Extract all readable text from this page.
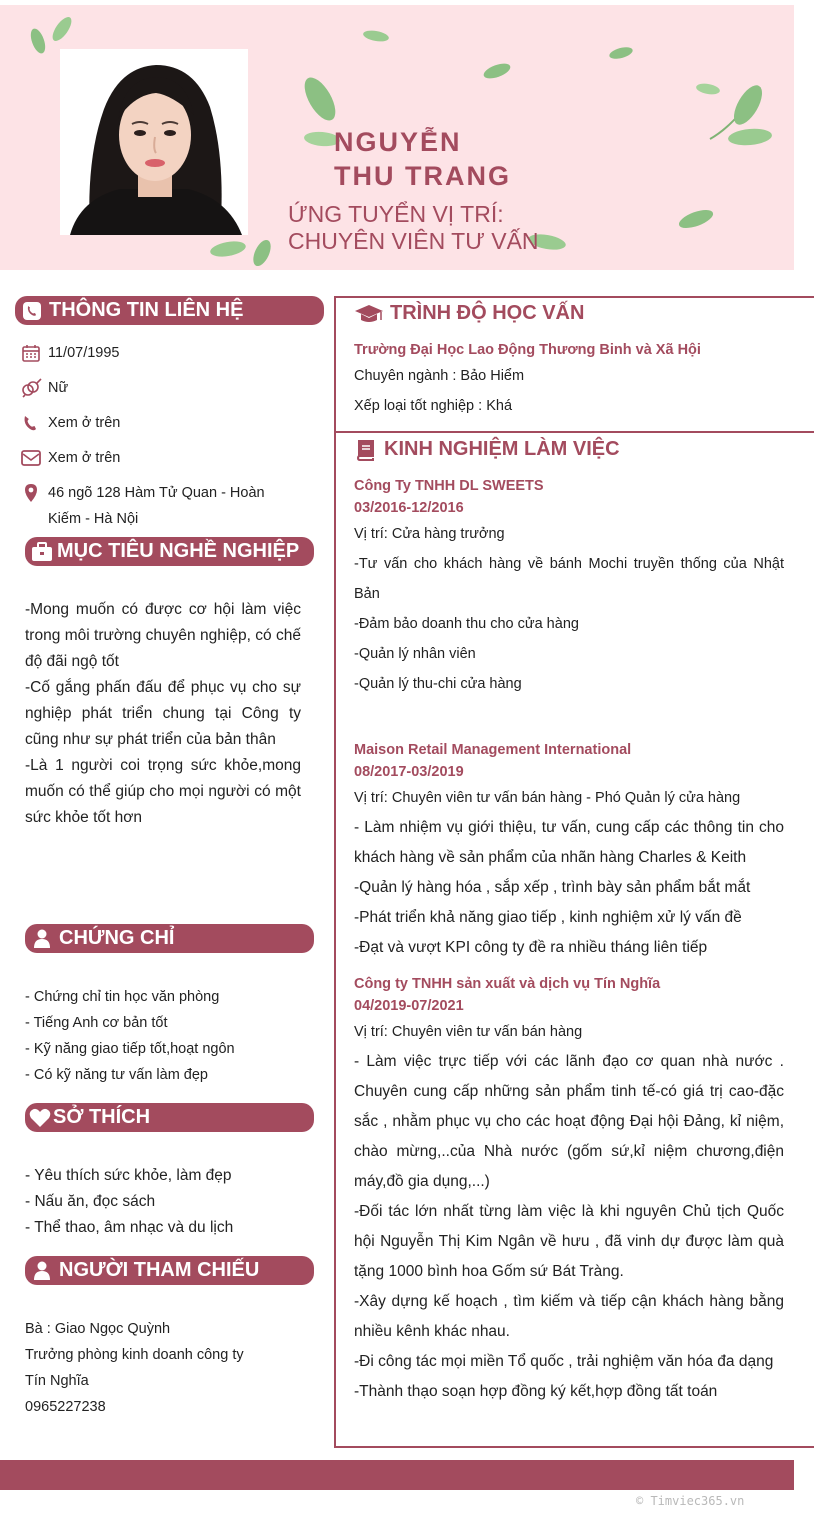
NGUYỄN
THU TRANG
ỨNG TUYỂN VỊ TRÍ:
CHUYÊN VIÊN TƯ VẤN
THÔNG TIN LIÊN HỆ
11/07/1995
Nữ
Xem ở trên
Xem ở trên
46 ngõ 128 Hàm Tử Quan - Hoàn Kiếm - Hà Nội
MỤC TIÊU NGHỀ NGHIỆP
-Mong muốn có được cơ hội làm việc trong môi trường chuyên nghiệp, có chế độ đãi ngộ tốt
-Cố gắng phấn đấu để phục vụ cho sự nghiệp phát triển chung tại Công ty cũng như sự phát triển của bản thân
-Là 1 người coi trọng sức khỏe,mong muốn có thể giúp cho mọi người có một sức khỏe tốt hơn
CHỨNG CHỈ
- Chứng chỉ tin học văn phòng
- Tiếng Anh cơ bản tốt
- Kỹ năng giao tiếp tốt,hoạt ngôn
- Có kỹ năng tư vấn làm đẹp
SỞ THÍCH
- Yêu thích sức khỏe, làm đẹp
- Nấu ăn, đọc sách
- Thể thao, âm nhạc và du lịch
NGƯỜI THAM CHIẾU
Bà : Giao Ngọc Quỳnh
Trưởng phòng kinh doanh công ty
Tín Nghĩa
0965227238
TRÌNH ĐỘ HỌC VẤN
Trường Đại Học Lao Động Thương Binh và Xã Hội
Chuyên ngành : Bảo Hiểm
Xếp loại tốt nghiệp : Khá
KINH NGHIỆM LÀM VIỆC
Công Ty TNHH DL SWEETS
03/2016-12/2016
Vị trí: Cửa hàng trưởng
-Tư vấn cho khách hàng về bánh Mochi truyền thống của Nhật Bản
-Đảm bảo doanh thu cho cửa hàng
-Quản lý nhân viên
-Quản lý thu-chi cửa hàng
Maison Retail Management International
08/2017-03/2019
Vị trí: Chuyên viên tư vấn bán hàng - Phó Quản lý cửa hàng
- Làm nhiệm vụ giới thiệu, tư vấn, cung cấp các thông tin cho khách hàng về sản phẩm của nhãn hàng Charles & Keith
-Quản lý hàng hóa , sắp xếp , trình bày sản phẩm bắt mắt
-Phát triển khả năng giao tiếp , kinh nghiệm xử lý vấn đề
-Đạt và vượt KPI công ty đề ra nhiều tháng liên tiếp
Công ty TNHH sản xuất và dịch vụ Tín Nghĩa
04/2019-07/2021
Vị trí: Chuyên viên tư vấn bán hàng
- Làm việc trực tiếp với các lãnh đạo cơ quan nhà nước . Chuyên cung cấp những sản phẩm tinh tế-có giá trị cao-đặc sắc , nhằm phục vụ cho các hoạt động Đại hội Đảng, kỉ niệm, chào mừng,..của Nhà nước (gốm sứ,kỉ niệm chương,điện máy,đồ gia dụng,...)
-Đối tác lớn nhất từng làm việc là khi nguyên Chủ tịch Quốc hội Nguyễn Thị Kim Ngân về hưu , đã vinh dự được làm quà tặng 1000 bình hoa Gốm sứ Bát Tràng.
-Xây dựng kế hoạch , tìm kiếm và tiếp cận khách hàng bằng nhiều kênh khác nhau.
-Đi công tác mọi miền Tổ quốc , trải nghiệm văn hóa đa dạng
-Thành thạo soạn hợp đồng ký kết,hợp đồng tất toán
© Timviec365.vn
